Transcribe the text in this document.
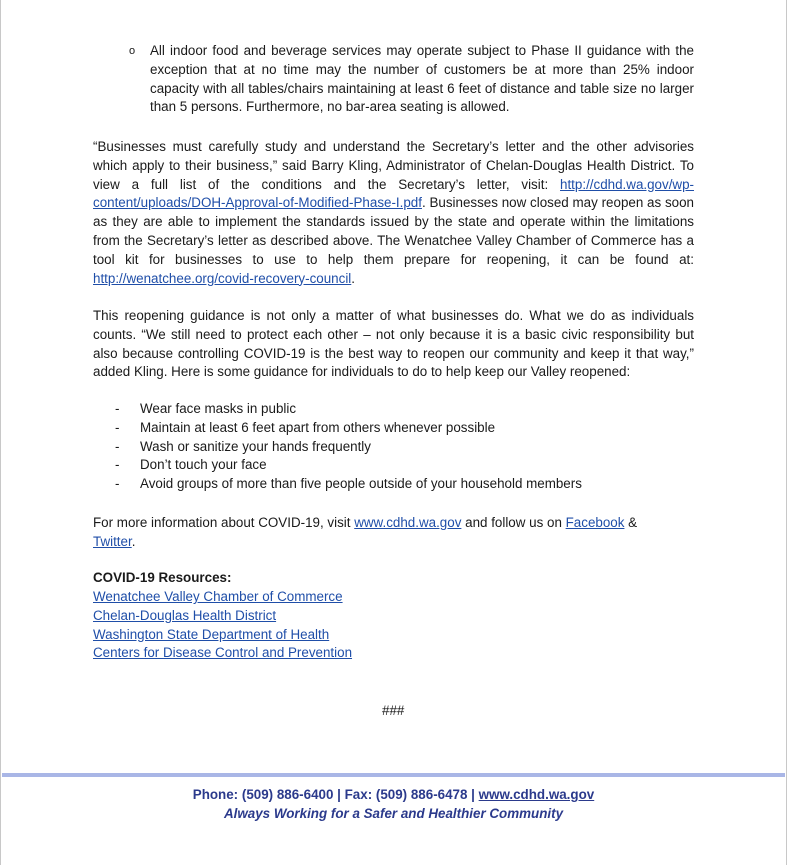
o All indoor food and beverage services may operate subject to Phase II guidance with the exception that at no time may the number of customers be at more than 25% indoor capacity with all tables/chairs maintaining at least 6 feet of distance and table size no larger than 5 persons. Furthermore, no bar-area seating is allowed.

“Businesses must carefully study and understand the Secretary’s letter and the other advisories which apply to their business,” said Barry Kling, Administrator of Chelan-Douglas Health District. To view a full list of the conditions and the Secretary’s letter, visit: http://cdhd.wa.gov/wp-content/uploads/DOH-Approval-of-Modified-Phase-I.pdf. Businesses now closed may reopen as soon as they are able to implement the standards issued by the state and operate within the limitations from the Secretary’s letter as described above. The Wenatchee Valley Chamber of Commerce has a tool kit for businesses to use to help them prepare for reopening, it can be found at: http://wenatchee.org/covid-recovery-council.

This reopening guidance is not only a matter of what businesses do. What we do as individuals counts. “We still need to protect each other – not only because it is a basic civic responsibility but also because controlling COVID-19 is the best way to reopen our community and keep it that way,” added Kling. Here is some guidance for individuals to do to help keep our Valley reopened:

- Wear face masks in public
- Maintain at least 6 feet apart from others whenever possible
- Wash or sanitize your hands frequently
- Don’t touch your face
- Avoid groups of more than five people outside of your household members

For more information about COVID-19, visit www.cdhd.wa.gov and follow us on Facebook &
Twitter.

COVID-19 Resources:
Wenatchee Valley Chamber of Commerce
Chelan-Douglas Health District
Washington State Department of Health
Centers for Disease Control and Prevention
###
Phone: (509) 886-6400 | Fax: (509) 886-6478 | www.cdhd.wa.gov
Always Working for a Safer and Healthier Community
